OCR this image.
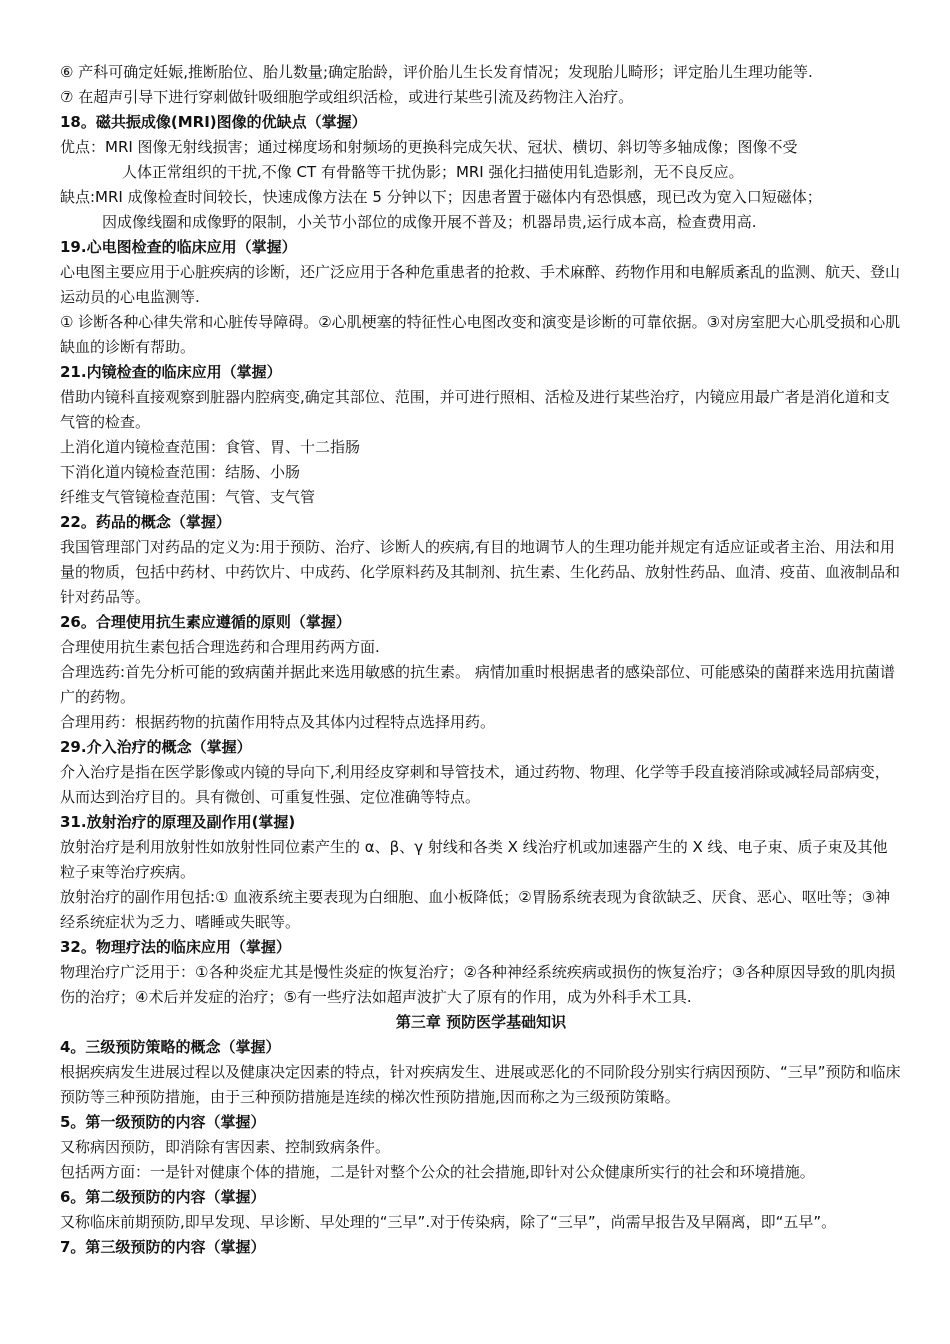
⑥ 产科可确定妊娠,推断胎位、胎儿数量;确定胎龄，评价胎儿生长发育情况；发现胎儿畸形；评定胎儿生理功能等.

⑦ 在超声引导下进行穿刺做针吸细胞学或组织活检，或进行某些引流及药物注入治疗。

18。磁共振成像(MRI)图像的优缺点（掌握）

优点：MRI 图像无射线损害；通过梯度场和射频场的更换科完成矢状、冠状、横切、斜切等多轴成像；图像不受

人体正常组织的干扰,不像 CT 有骨骼等干扰伪影；MRI 强化扫描使用钆造影剂，无不良反应。

缺点:MRI 成像检查时间较长，快速成像方法在 5 分钟以下；因患者置于磁体内有恐惧感，现已改为宽入口短磁体；

因成像线圈和成像野的限制，小关节小部位的成像开展不普及；机器昂贵,运行成本高，检查费用高.

19.心电图检查的临床应用（掌握）

心电图主要应用于心脏疾病的诊断，还广泛应用于各种危重患者的抢救、手术麻醉、药物作用和电解质紊乱的监测、航天、登山运动员的心电监测等.

① 诊断各种心律失常和心脏传导障碍。②心肌梗塞的特征性心电图改变和演变是诊断的可靠依据。③对房室肥大心肌受损和心肌缺血的诊断有帮助。

21.内镜检查的临床应用（掌握）

借助内镜科直接观察到脏器内腔病变,确定其部位、范围，并可进行照相、活检及进行某些治疗，内镜应用最广者是消化道和支气管的检查。

上消化道内镜检查范围：食管、胃、十二指肠

下消化道内镜检查范围：结肠、小肠

纤维支气管镜检查范围：气管、支气管

22。药品的概念（掌握）

我国管理部门对药品的定义为:用于预防、治疗、诊断人的疾病,有目的地调节人的生理功能并规定有适应证或者主治、用法和用量的物质，包括中药材、中药饮片、中成药、化学原料药及其制剂、抗生素、生化药品、放射性药品、血清、疫苗、血液制品和针对药品等。

26。合理使用抗生素应遵循的原则（掌握）

合理使用抗生素包括合理选药和合理用药两方面.

合理选药:首先分析可能的致病菌并据此来选用敏感的抗生素。 病情加重时根据患者的感染部位、可能感染的菌群来选用抗菌谱广的药物。

合理用药：根据药物的抗菌作用特点及其体内过程特点选择用药。

29.介入治疗的概念（掌握）

介入治疗是指在医学影像或内镜的导向下,利用经皮穿刺和导管技术，通过药物、物理、化学等手段直接消除或减轻局部病变，从而达到治疗目的。具有微创、可重复性强、定位准确等特点。

31.放射治疗的原理及副作用(掌握)

放射治疗是利用放射性如放射性同位素产生的 α、β、γ 射线和各类 X 线治疗机或加速器产生的 X 线、电子束、质子束及其他粒子束等治疗疾病。

放射治疗的副作用包括:① 血液系统主要表现为白细胞、血小板降低；②胃肠系统表现为食欲缺乏、厌食、恶心、呕吐等；③神经系统症状为乏力、嗜睡或失眠等。

32。物理疗法的临床应用（掌握）

物理治疗广泛用于：①各种炎症尤其是慢性炎症的恢复治疗；②各种神经系统疾病或损伤的恢复治疗；③各种原因导致的肌肉损伤的治疗；④术后并发症的治疗；⑤有一些疗法如超声波扩大了原有的作用，成为外科手术工具.

第三章 预防医学基础知识

4。三级预防策略的概念（掌握）

根据疾病发生进展过程以及健康决定因素的特点，针对疾病发生、进展或恶化的不同阶段分别实行病因预防、“三早”预防和临床预防等三种预防措施，由于三种预防措施是连续的梯次性预防措施,因而称之为三级预防策略。

5。第一级预防的内容（掌握）

又称病因预防，即消除有害因素、控制致病条件。

包括两方面：一是针对健康个体的措施，二是针对整个公众的社会措施,即针对公众健康所实行的社会和环境措施。

6。第二级预防的内容（掌握）

又称临床前期预防,即早发现、早诊断、早处理的“三早”.对于传染病，除了“三早”，尚需早报告及早隔离，即“五早”。

7。第三级预防的内容（掌握）
